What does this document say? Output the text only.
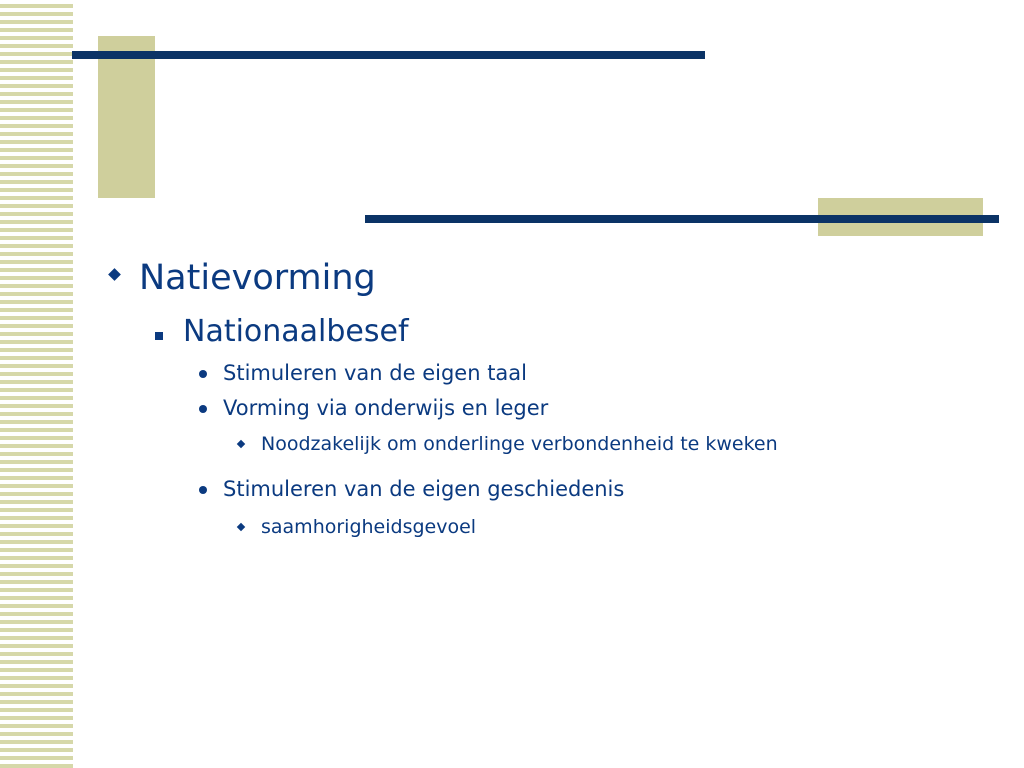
Natievorming
Nationaalbesef
Stimuleren van de eigen taal
Vorming via onderwijs en leger
Noodzakelijk om onderlinge verbondenheid te kweken
Stimuleren van de eigen geschiedenis
saamhorigheidsgevoel
